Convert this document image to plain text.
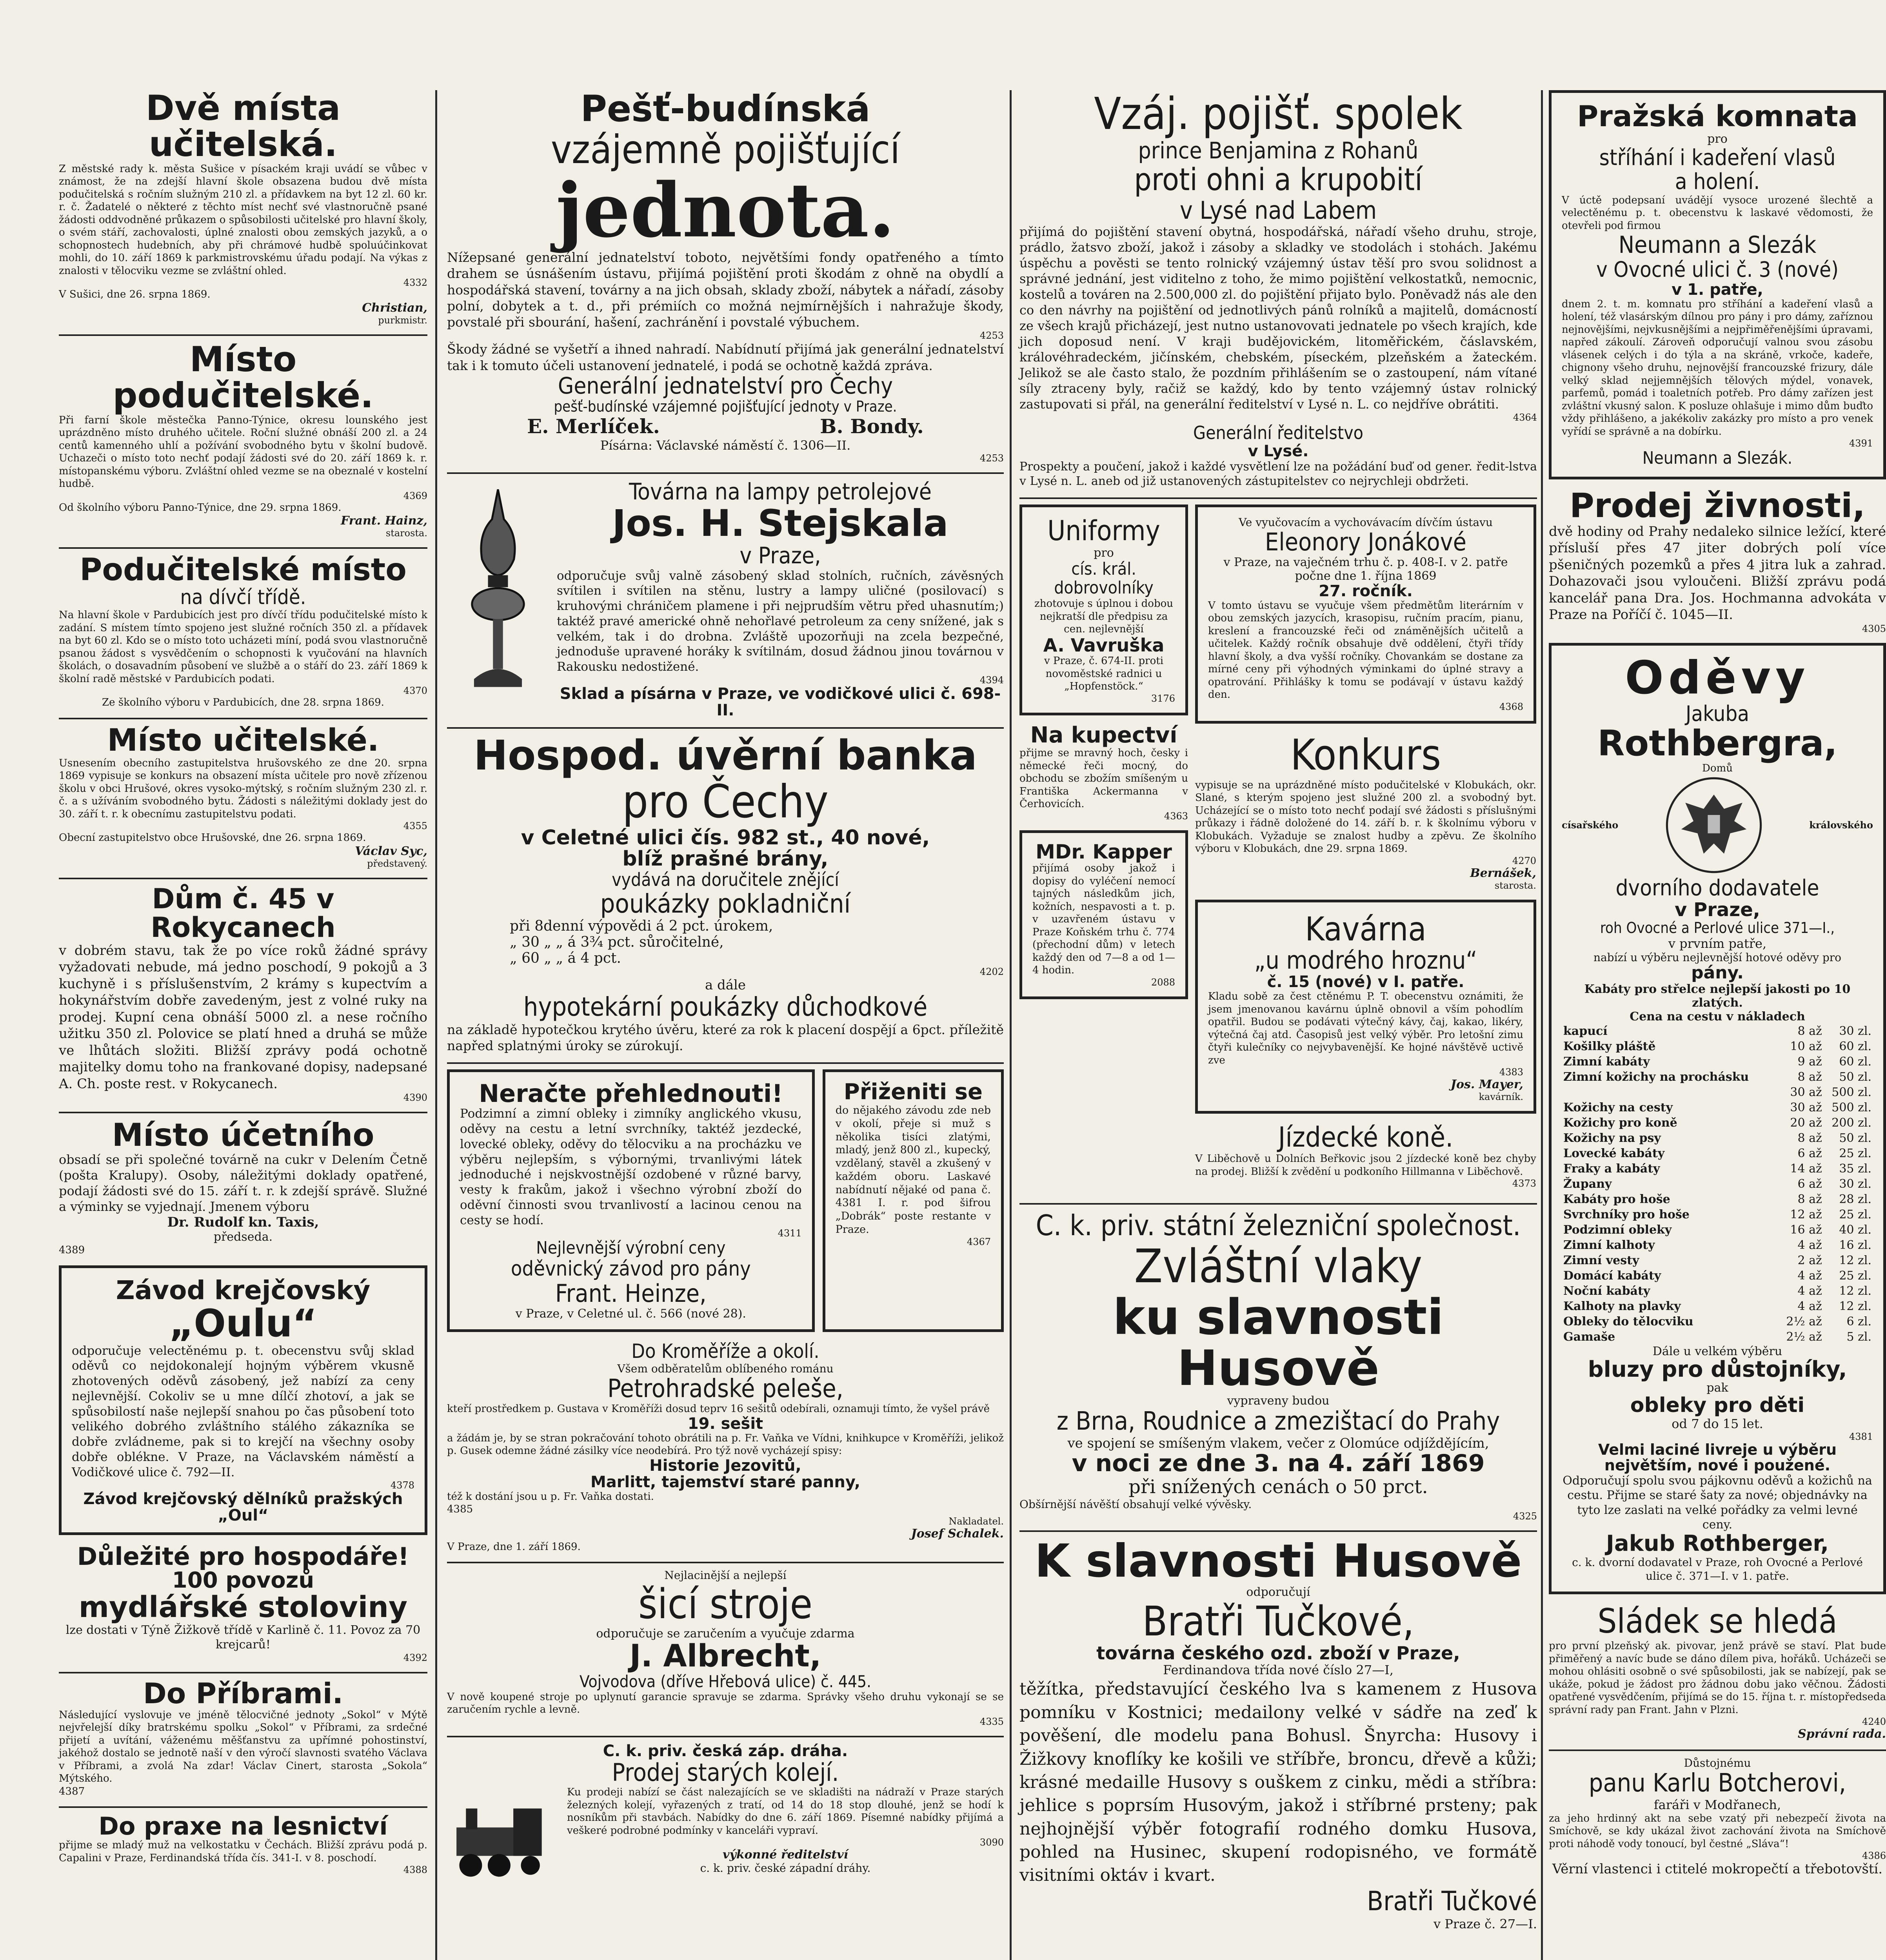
Dvě místa učitelská.
Z městské rady k. města Sušice v písackém kraji uvádí se vůbec v známost, že na zdejší hlavní škole obsazena budou dvě místa podučitelská s ročním služným 210 zl. a přídavkem na byt 12 zl. 60 kr. r. č. Žadatelé o některé z těchto míst nechť své vlastnoručně psané žádosti oddvodněné průkazem o spůsobilosti učitelské pro hlavní školy, o svém stáří, zachovalosti, úplné znalosti obou zemských jazyků, a o schopnostech hudebních, aby při chrámové hudbě spoluúčinkovat mohli, do 10. září 1869 k parkmistrovskému úřadu podají. Na výkas z znalosti v tělocviku vezme se zvláštní ohled.
4332
V Sušici, dne 26. srpna 1869.
Christian,
purkmistr.
Místo podučitelské.
Při farní škole městečka Panno-Týnice, okresu lounského jest uprázdněno místo druhého učitele. Roční služné obnáší 200 zl. a 24 centů kamenného uhlí a požívání svobodného bytu v školní budově. Uchazeči o místo toto nechť podají žádosti své do 20. září 1869 k. r. místopanskému výboru. Zvláštní ohled vezme se na obeznalé v kostelní hudbě.
4369
Od školního výboru Panno-Týnice, dne 29. srpna 1869.
Frant. Hainz,
starosta.
Podučitelské místo
na dívčí třídě.
Na hlavní škole v Pardubicích jest pro dívčí třídu podučitelské místo k zadání. S místem tímto spojeno jest služné ročních 350 zl. a přídavek na byt 60 zl. Kdo se o místo toto ucházeti míní, podá svou vlastnoručně psanou žádost s vysvědčením o schopnosti k vyučování na hlavních školách, o dosavadním působení ve službě a o stáří do 23. září 1869 k školní radě městské v Pardubicích podati.
4370
Ze školního výboru v Pardubicích, dne 28. srpna 1869.
Místo učitelské.
Usnesením obecního zastupitelstva hrušovského ze dne 20. srpna 1869 vypisuje se konkurs na obsazení místa učitele pro nově zřízenou školu v obci Hrušové, okres vysoko-mýtský, s ročním služným 230 zl. r. č. a s užíváním svobodného bytu. Žádosti s náležitými doklady jest do 30. září t. r. k obecnímu zastupitelstvu podati.
4355
Obecní zastupitelstvo obce Hrušovské, dne 26. srpna 1869.
Václav Syc,
představený.
Dům č. 45 v Rokycanech
v dobrém stavu, tak že po více roků žádné správy vyžadovati nebude, má jedno poschodí, 9 pokojů a 3 kuchyně i s příslušenstvím, 2 krámy s kupectvím a hokynářstvím dobře zavedeným, jest z volné ruky na prodej. Kupní cena obnáší 5000 zl. a nese ročního užitku 350 zl. Polovice se platí hned a druhá se může ve lhůtách složiti. Bližší zprávy podá ochotně majitelky domu toho na frankované dopisy, nadepsané A. Ch. poste rest. v Rokycanech.
4390
Místo účetního
obsadí se při společné továrně na cukr v Delením Četně (pošta Kralupy). Osoby, náležitými doklady opatřené, podají žádosti své do 15. září t. r. k zdejší správě. Služné a výminky se vyjednají. Jmenem výboru
Dr. Rudolf kn. Taxis,
předseda.
4389
Závod krejčovský
„Oulu“
odporučuje velectěnému p. t. obecenstvu svůj sklad oděvů co nejdokonalejí hojným výběrem vkusně zhotovených oděvů zásobený, jež nabízí za ceny nejlevnější. Cokoliv se u mne dílčí zhotoví, a jak se spůsobilostí naše nejlepší snahou po čas působení toto velikého dobrého zvláštního stálého zákazníka se dobře zvládneme, pak si to krejčí na všechny osoby dobře oblékne. V Praze, na Václavském náměstí a Vodičkové ulice č. 792—II.
4378
Závod krejčovský dělníků pražských „Oul“
Důležité pro hospodáře!
100 povozů
mydlářské stoloviny
lze dostati v Týně Žižkově třídě v Karlině č. 11. Povoz za 70 krejcarů!
4392
Do Příbrami.
Následující vyslovuje ve jméně tělocvičné jednoty „Sokol“ v Mýtě nejvřelejší díky bratrskému spolku „Sokol“ v Příbrami, za srdečné přijetí a uvítání, váženému měšťanstvu za upřímné pohostinství, jakéhož dostalo se jednotě naší v den výročí slavnosti svatého Václava v Příbrami, a zvolá Na zdar! Václav Cinert, starosta „Sokola“ Mýtského.
4387
Do praxe na lesnictví
přijme se mladý muž na velkostatku v Čechách. Bližší zprávu podá p. Capalini v Praze, Ferdinandská třída čís. 341-I. v 8. poschodí.
4388
Pešť-budínská
vzájemně pojišťující
jednota.
Nížepsané generální jednatelství toboto, největšími fondy opatřeného a tímto drahem se úsnášením ústavu, přijímá pojištění proti škodám z ohně na obydlí a hospodářská stavení, továrny a na jich obsah, sklady zboží, nábytek a nářadí, zásoby polní, dobytek a t. d., při prémiích co možná nejmírnějších i nahražuje škody, povstalé při sbourání, hašení, zachránění i povstalé výbuchem.
4253
Škody žádné se vyšetří a ihned nahradí. Nabídnutí přijímá jak generální jednatelství tak i k tomuto účeli ustanovení jednatelé, i podá se ochotně každá zpráva.
Generální jednatelství pro Čechy
pešť-budínské vzájemné pojišťující jednoty v Praze.
E. Merlíček.	B. Bondy.
Písárna: Václavské náměstí č. 1306—II.
4253
Továrna na lampy petrolejové
Jos. H. Stejskala
v Praze,
odporučuje svůj valně zásobený sklad stolních, ručních, závěsných svítilen i svítilen na stěnu, lustry a lampy uličné (posilovací) s kruhovými chráničem plamene i při nejprudším větru před uhasnutím;) taktéž pravé americké ohně nehořlavé petroleum za ceny snížené, jak s velkém, tak i do drobna. Zvláště upozorňuji na zcela bezpečné, jednoduše upravené horáky k svítilnám, dosud žádnou jinou továrnou v Rakousku nedostižené.
4394
Sklad a písárna v Praze, ve vodičkové ulici č. 698-II.
Hospod. úvěrní banka
pro Čechy
v Celetné ulici čís. 982 st., 40 nové,
blíž prašné brány,
vydává na doručitele znějící
poukázky pokladniční
při 8denní výpovědi á 2 pct. úrokem,
„ 30 „ „ á 3¾ pct. sůročitelné,
„ 60 „ „ á 4 pct.
4202
a dále
hypotekární poukázky důchodkové
na základě hypotečkou krytého úvěru, které za rok k placení dospějí a 6pct. příležitě napřed splatnými úroky se zúrokují.
Neračte přehlednouti!
Podzimní a zimní obleky i zimníky anglického vkusu, oděvy na cestu a letní svrchníky, taktéž jezdecké, lovecké obleky, oděvy do tělocviku a na procházku ve výběru nejlepším, s výbornými, trvanlivými látek jednoduché i nejskvostnější ozdobené v různé barvy, vesty k frakům, jakož i všechno výrobní zboží do oděvní činnosti svou trvanlivostí a lacinou cenou na cesty se hodí.
4311
Nejlevnější výrobní ceny
oděvnický závod pro pány
Frant. Heinze,
v Praze, v Celetné ul. č. 566 (nové 28).
Přiženiti se
do nějakého závodu zde neb v okolí, přeje si muž s několika tisíci zlatými, mladý, jenž 800 zl., kupecký, vzdělaný, stavěl a zkušený v každém oboru. Laskavé nabídnutí nějaké od pana č. 4381 I. r. pod šifrou „Dobrák“ poste restante v Praze.
4367
Do Kroměříže a okolí.
Všem odběratelům oblíbeného románu
Petrohradské peleše,
kteří prostředkem p. Gustava v Kroměříži dosud teprv 16 sešitů odebírali, oznamuji tímto, že vyšel právě
19. sešit
a žádám je, by se stran pokračování tohoto obrátili na p. Fr. Vaňka ve Vídni, knihkupce v Kroměříži, jelikož p. Gusek odemne žádné zásilky více neodebírá. Pro týž nově vycházejí spisy:
Historie Jezovitů,
Marlitt, tajemství staré panny,
též k dostání jsou u p. Fr. Vaňka dostati.
4385
Nakladatel.
Josef Schalek.
V Praze, dne 1. září 1869.
Nejlacinější a nejlepší
šicí stroje
odporučuje se zaručením a vyučuje zdarma
J. Albrecht,
Vojvodova (dříve Hřebová ulice) č. 445.
V nově koupené stroje po uplynutí garancie spravuje se zdarma. Správky všeho druhu vykonají se se zaručením rychle a levně.
4335
C. k. priv. česká záp. dráha.
Prodej starých kolejí.
Ku prodeji nabízí se část nalezajících se ve skladišti na nádraží v Praze starých železných kolejí, vyřazených z tratí, od 14 do 18 stop dlouhé, jenž se hodí k nosníkům při stavbách. Nabídky do dne 6. září 1869. Písemné nabídky přijímá a veškeré podrobné podmínky v kanceláři vypraví.
3090
výkonné ředitelství
c. k. priv. české západní dráhy.
Vzáj. pojišť. spolek
prince Benjamina z Rohanů
proti ohni a krupobití
v Lysé nad Labem
přijímá do pojištění stavení obytná, hospodářská, nářadí všeho druhu, stroje, prádlo, žatsvo zboží, jakož i zásoby a skladky ve stodolách i stohách. Jakému úspěchu a pověsti se tento rolnický vzájemný ústav těší pro svou solidnost a správné jednání, jest viditelno z toho, že mimo pojištění velkostatků, nemocnic, kostelů a továren na 2.500,000 zl. do pojištění přijato bylo. Poněvadž nás ale den co den návrhy na pojištění od jednotlivých pánů rolníků a majitelů, domácností ze všech krajů přicházejí, jest nutno ustanovovati jednatele po všech krajích, kde jich doposud není. V kraji budějovickém, litoměřickém, čáslavském, královéhradeckém, jičínském, chebském, píseckém, plzeňském a žateckém. Jelikož se ale často stalo, že pozdním přihlášením se o zastoupení, nám vítané síly ztraceny byly, račiž se každý, kdo by tento vzájemný ústav rolnický zastupovati si přál, na generální ředitelství v Lysé n. L. co nejdříve obrátiti.
4364
Generální ředitelstvo
v Lysé.
Prospekty a poučení, jakož i každé vysvětlení lze na požádání buď od gener. ředit-lstva v Lysé n. L. aneb od již ustanovených zástupitelstev co nejrychleji obdržeti.
Uniformy
pro
cís. král.
dobrovolníky
zhotovuje s úplnou i dobou nejkratší dle předpisu za cen. nejlevnější
A. Vavruška
v Praze, č. 674-II. proti novoměstské radnici u „Hopfenstöck.“
3176
Na kupectví
přijme se mravný hoch, česky i německé řeči mocný, do obchodu se zbožím smíšeným u Františka Ackermanna v Čerhovicích.
4363
MDr. Kapper
přijímá osoby jakož i dopisy do vyléčení nemocí tajných následkům jich, kožních, nespavosti a t. p. v uzavřeném ústavu v Praze Koňském trhu č. 774 (přechodní dům) v letech každý den od 7—8 a od 1—4 hodin.
2088
Ve vyučovacím a vychovávacím dívčím ústavu
Eleonory Jonákové
v Praze, na vaječném trhu č. p. 408-I. v 2. patře počne dne 1. října 1869
27. ročník.
V tomto ústavu se vyučuje všem předmětům literárním v obou zemských jazycích, krasopisu, ručním pracím, pianu, kreslení a francouzské řeči od známěnějších učitelů a učitelek. Každý ročník obsahuje dvě oddělení, čtyři třídy hlavní školy, a dva vyšší ročníky. Chovankám se dostane za mírné ceny při výhodných výminkami do úplné stravy a opatrování. Přihlášky k tomu se podávají v ústavu každý den.
4368
Konkurs
vypisuje se na uprázdněné místo podučitelské v Klobukách, okr. Slané, s kterým spojeno jest služné 200 zl. a svobodný byt. Ucházející se o místo toto nechť podají své žádosti s příslušnými průkazy i řádně doložené do 14. září b. r. k školnímu výboru v Klobukách. Vyžaduje se znalost hudby a zpěvu. Ze školního výboru v Klobukách, dne 29. srpna 1869.
4270
Bernášek,
starosta.
Kavárna
„u modrého hroznu“
č. 15 (nové) v I. patře.
Kladu sobě za čest ctěnému P. T. obecenstvu oznámiti, že jsem jmenovanou kavárnu úplně obnovil a vším pohodlím opatřil. Budou se podávati výtečný kávy, čaj, kakao, likéry, výtečná čaj atd. Časopisů jest velký výběr. Pro letošní zimu čtyři kulečníky co nejvybavenější. Ke hojné návštěvě uctivě zve
4383
Jos. Mayer,
kavárník.
Jízdecké koně.
V Liběchově u Dolních Beřkovic jsou 2 jízdecké koně bez chyby na prodej. Bližší k zvědění u podkoního Hillmanna v Liběchově.
4373
C. k. priv. státní železniční společnost.
Zvláštní vlaky
ku slavnosti Husově
vypraveny budou
z Brna, Roudnice a zmezištací do Prahy
ve spojení se smíšeným vlakem, večer z Olomúce odjíždějícím,
v noci ze dne 3. na 4. září 1869
při snížených cenách o 50 prct.
Obšírnější návěští obsahují velké vývěsky.
4325
K slavnosti Husově
odporučují
Bratři Tučkové,
továrna českého ozd. zboží v Praze,
Ferdinandova třída nové číslo 27—I,
těžítka, představující českého lva s kamenem z Husova pomníku v Kostnici; medailony velké v sádře na zeď k pověšení, dle modelu pana Bohusl. Šnyrcha: Husovy i Žižkovy knoflíky ke košili ve stříbře, broncu, dřevě a kůži; krásné medaille Husovy s ouškem z cinku, mědi a stříbra: jehlice s poprsím Husovým, jakož i stříbrné prsteny; pak nejhojnější výběr fotografií rodného domku Husova, pohled na Husinec, skupení rodopisného, ve formátě visitními oktáv i kvart.
Bratři Tučkové
v Praze č. 27—I.
Pražská komnata
pro
stříhání i kadeření vlasů
a holení.
V úctě podepsaní uvádějí vysoce urozené šlechtě a velectěnému p. t. obecenstvu k laskavé vědomosti, že otevřeli pod firmou
Neumann a Slezák
v Ovocné ulici č. 3 (nové)
v 1. patře,
dnem 2. t. m. komnatu pro stříhání a kadeření vlasů a holení, též vlasárským dílnou pro pány i pro dámy, zaříznou nejnovějšími, nejvkusnějšími a nejpřiměřenějšími úpravami, napřed zákoulí. Zároveň odporučují valnou svou zásobu vlásenek celých i do týla a na skráně, vrkoče, kadeře, chignony všeho druhu, nejnovější francouzské frizury, dále velký sklad nejjemnějších tělových mýdel, vonavek, parfemů, pomád i toaletních potřeb. Pro dámy zařízen jest zvláštní vkusný salon. K posluze ohlašuje i mimo dům buďto vždy přihlášeno, a jakékoliv zakázky pro místo a pro venek vyřídí se správně a na dobírku.
4391
Neumann a Slezák.
Prodej živnosti,
dvě hodiny od Prahy nedaleko silnice ležící, které přísluší přes 47 jiter dobrých polí více pšeničných pozemků a přes 4 jitra luk a zahrad. Dohazovači jsou vyloučeni. Bližší zprávu podá kancelář pana Dra. Jos. Hochmanna advokáta v Praze na Poříčí č. 1045—II.
4305
Oděvy
Jakuba
Rothbergra,
Domů
císařského	královského
dvorního dodavatele
v Praze,
roh Ovocné a Perlové ulice 371—I.,
v prvním patře,
nabízí u výběru nejlevnější hotové oděvy pro
pány.
Kabáty pro střelce nejlepší jakosti po 10 zlatých.
Cena na cestu v nákladech
kapucí	8 až	30 zl.
Košilky pláště	10 až	60 zl.
Zimní kabáty	9 až	60 zl.
Zimní kožichy na prochásku	8 až	50 zl.
	30 až	500 zl.
Kožichy na cesty	30 až	500 zl.
Kožichy pro koně	20 až	200 zl.
Kožichy na psy	8 až	50 zl.
Lovecké kabáty	6 až	25 zl.
Fraky a kabáty	14 až	35 zl.
Župany	6 až	30 zl.
Kabáty pro hoše	8 až	28 zl.
Svrchníky pro hoše	12 až	25 zl.
Podzimní obleky	16 až	40 zl.
Zimní kalhoty	4 až	16 zl.
Zimní vesty	2 až	12 zl.
Domácí kabáty	4 až	25 zl.
Noční kabáty	4 až	12 zl.
Kalhoty na plavky	4 až	12 zl.
Obleky do tělocviku	2½ až	6 zl.
Gamaše	2½ až	5 zl.
Dále u velkém výběru
bluzy pro důstojníky,
pak
obleky pro děti
od 7 do 15 let.
4381
Velmi laciné livreje u výběru největším, nové i použené.
Odporučují spolu svou pájkovnu oděvů a kožichů na cestu. Přijme se staré šaty za nové; objednávky na tyto lze zaslati na velké pořádky za velmi levné ceny.
Jakub Rothberger,
c. k. dvorní dodavatel v Praze, roh Ovocné a Perlové ulice č. 371—I. v 1. patře.
Sládek se hledá
pro první plzeňský ak. pivovar, jenž právě se staví. Plat bude přiměřený a navíc bude se dáno dílem piva, hořáků. Ucházeči se mohou ohlásiti osobně o své spůsobilosti, jak se nabízejí, pak se ukáže, pokud je žádost pro žádnou dobu jako věčnou. Žádosti opatřené vysvědčením, přijímá se do 15. října t. r. místopředseda správní rady pan Frant. Jahn v Plzni.
4240
Správní rada.
Důstojnému
panu Karlu Botcherovi,
faráři v Modřanech,
za jeho hrdinný akt na sebe vzatý při nebezpečí života na Smíchově, se kdy ukázal život zachování života na Smíchově proti náhodě vody tonoucí, byl čestné „Sláva“!
4386
Věrní vlastenci i ctitelé mokropečtí a třebotovští.
